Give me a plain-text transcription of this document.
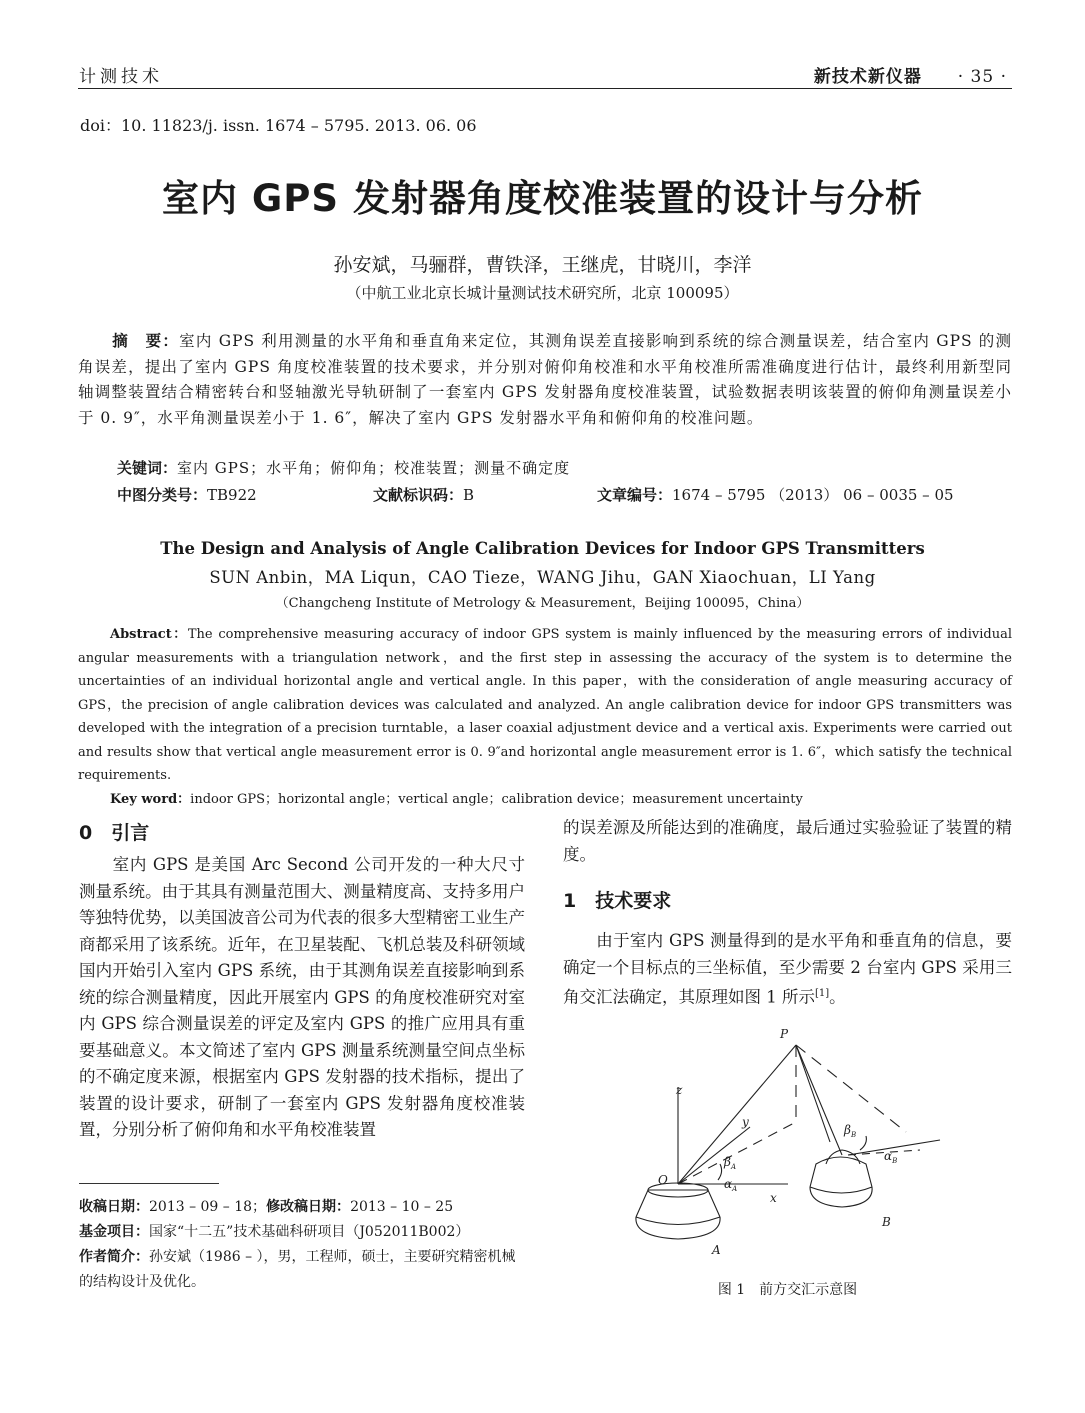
计测技术	新技术新仪器 · 35 ·
doi：10. 11823/j. issn. 1674 – 5795. 2013. 06. 06
室内 GPS 发射器角度校准装置的设计与分析
孙安斌，马骊群，曹铁泽，王继虎，甘晓川，李洋
（中航工业北京长城计量测试技术研究所，北京 100095）
摘　要：室内 GPS 利用测量的水平角和垂直角来定位，其测角误差直接影响到系统的综合测量误差，结合室内 GPS 的测角误差，提出了室内 GPS 角度校准装置的技术要求，并分别对俯仰角校准和水平角校准所需准确度进行估计，最终利用新型同轴调整装置结合精密转台和竖轴激光导轨研制了一套室内 GPS 发射器角度校准装置，试验数据表明该装置的俯仰角测量误差小于 0. 9″，水平角测量误差小于 1. 6″，解决了室内 GPS 发射器水平角和俯仰角的校准问题。
关键词：室内 GPS；水平角；俯仰角；校准装置；测量不确定度
中图分类号：TB922	文献标识码：B	文章编号：1674 – 5795 （2013） 06 – 0035 – 05
The Design and Analysis of Angle Calibration Devices for Indoor GPS Transmitters
SUN Anbin，MA Liqun，CAO Tieze，WANG Jihu，GAN Xiaochuan，LI Yang
（Changcheng Institute of Metrology & Measurement，Beijing 100095，China）
Abstract：The comprehensive measuring accuracy of indoor GPS system is mainly influenced by the measuring errors of individual angular measurements with a triangulation network，and the first step in assessing the accuracy of the system is to determine the uncertainties of an individual horizontal angle and vertical angle. In this paper，with the consideration of angle measuring accuracy of GPS，the precision of angle calibration devices was calculated and analyzed. An angle calibration device for indoor GPS transmitters was developed with the integration of a precision turntable，a laser coaxial adjustment device and a vertical axis. Experiments were carried out and results show that vertical angle measurement error is 0. 9″and horizontal angle measurement error is 1. 6″，which satisfy the technical requirements.
Key word：indoor GPS；horizontal angle；vertical angle；calibration device；measurement uncertainty
0　引言
室内 GPS 是美国 Arc Second 公司开发的一种大尺寸测量系统。由于其具有测量范围大、测量精度高、支持多用户等独特优势，以美国波音公司为代表的很多大型精密工业生产商都采用了该系统。近年，在卫星装配、飞机总装及科研领域国内开始引入室内 GPS 系统，由于其测角误差直接影响到系统的综合测量精度，因此开展室内 GPS 的角度校准研究对室内 GPS 综合测量误差的评定及室内 GPS 的推广应用具有重要基础意义。本文简述了室内 GPS 测量系统测量空间点坐标的不确定度来源，根据室内 GPS 发射器的技术指标，提出了装置的设计要求，研制了一套室内 GPS 发射器角度校准装置，分别分析了俯仰角和水平角校准装置
收稿日期：2013 – 09 – 18；修改稿日期：2013 – 10 – 25
基金项目：国家“十二五”技术基础科研项目（J052011B002）
作者简介：孙安斌（1986 – ），男，工程师，硕士，主要研究精密机械的结构设计及优化。
的误差源及所能达到的准确度，最后通过实验验证了装置的精度。
1　技术要求
由于室内 GPS 测量得到的是水平角和垂直角的信息，要确定一个目标点的三坐标值，至少需要 2 台室内 GPS 采用三角交汇法确定，其原理如图 1 所示[1]。
P
O
A
B
x
y
z
$\beta_A$
$\alpha_A$
$\beta_B$
$\alpha_B$
图 1　前方交汇示意图
